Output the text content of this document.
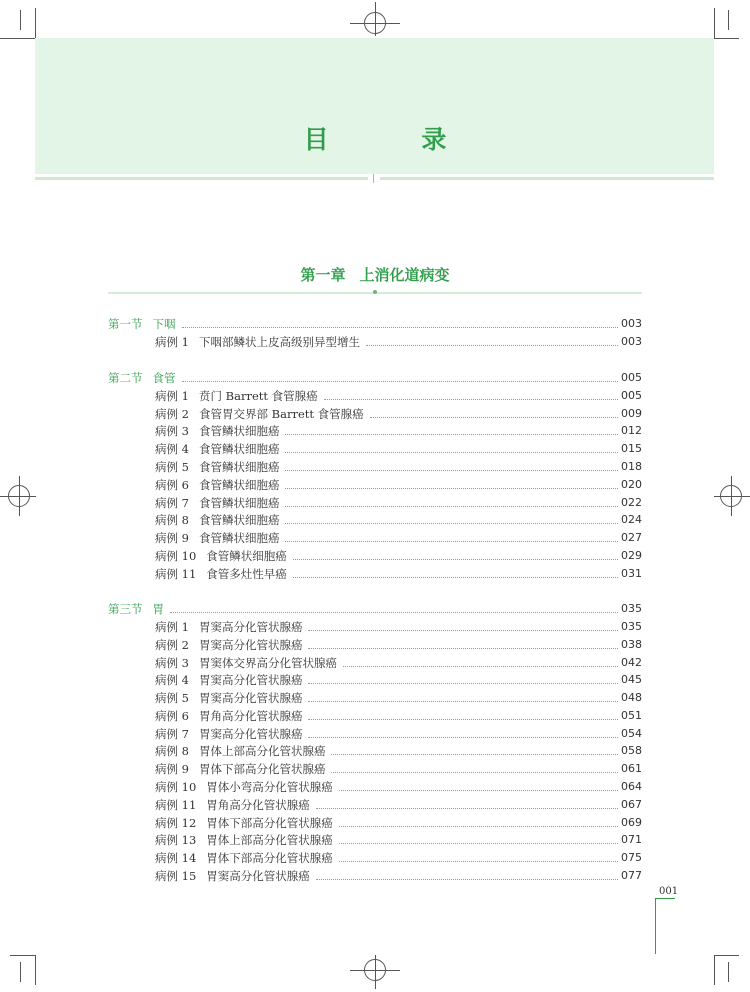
目 录
第一章 上消化道病变
第一节 下咽	003
病例 1 下咽部鳞状上皮高级别异型增生	003
第二节 食管	005
病例 1 贲门 Barrett 食管腺癌	005
病例 2 食管胃交界部 Barrett 食管腺癌	009
病例 3 食管鳞状细胞癌	012
病例 4 食管鳞状细胞癌	015
病例 5 食管鳞状细胞癌	018
病例 6 食管鳞状细胞癌	020
病例 7 食管鳞状细胞癌	022
病例 8 食管鳞状细胞癌	024
病例 9 食管鳞状细胞癌	027
病例 10 食管鳞状细胞癌	029
病例 11 食管多灶性早癌	031
第三节 胃	035
病例 1 胃窦高分化管状腺癌	035
病例 2 胃窦高分化管状腺癌	038
病例 3 胃窦体交界高分化管状腺癌	042
病例 4 胃窦高分化管状腺癌	045
病例 5 胃窦高分化管状腺癌	048
病例 6 胃角高分化管状腺癌	051
病例 7 胃窦高分化管状腺癌	054
病例 8 胃体上部高分化管状腺癌	058
病例 9 胃体下部高分化管状腺癌	061
病例 10 胃体小弯高分化管状腺癌	064
病例 11 胃角高分化管状腺癌	067
病例 12 胃体下部高分化管状腺癌	069
病例 13 胃体上部高分化管状腺癌	071
病例 14 胃体下部高分化管状腺癌	075
病例 15 胃窦高分化管状腺癌	077
001
